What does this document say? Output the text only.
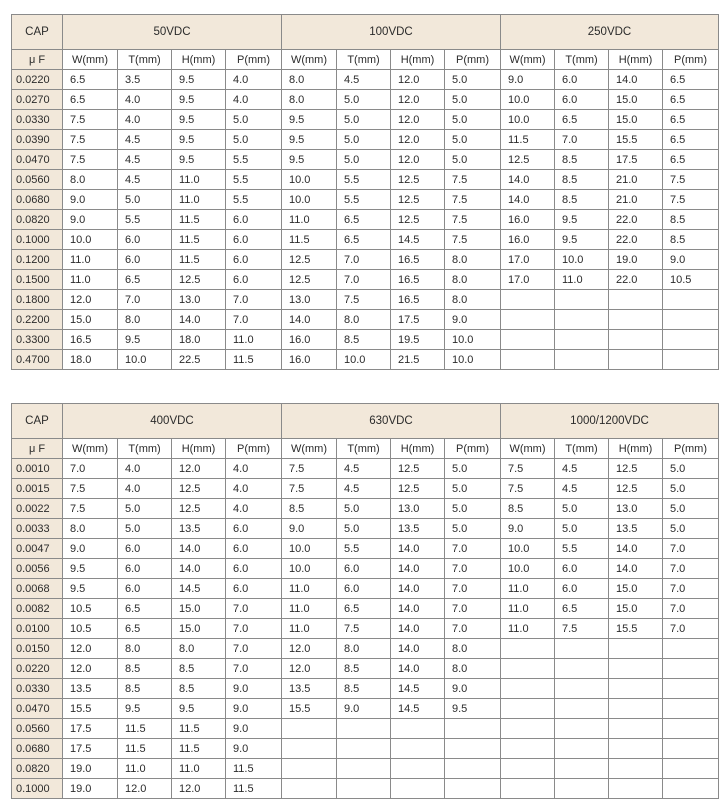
CAP	50VDC				100VDC				250VDC			
μ F	W(mm)	T(mm)	H(mm)	P(mm)	W(mm)	T(mm)	H(mm)	P(mm)	W(mm)	T(mm)	H(mm)	P(mm)
0.0220	6.5	3.5	9.5	4.0	8.0	4.5	12.0	5.0	9.0	6.0	14.0	6.5
0.0270	6.5	4.0	9.5	4.0	8.0	5.0	12.0	5.0	10.0	6.0	15.0	6.5
0.0330	7.5	4.0	9.5	5.0	9.5	5.0	12.0	5.0	10.0	6.5	15.0	6.5
0.0390	7.5	4.5	9.5	5.0	9.5	5.0	12.0	5.0	11.5	7.0	15.5	6.5
0.0470	7.5	4.5	9.5	5.5	9.5	5.0	12.0	5.0	12.5	8.5	17.5	6.5
0.0560	8.0	4.5	11.0	5.5	10.0	5.5	12.5	7.5	14.0	8.5	21.0	7.5
0.0680	9.0	5.0	11.0	5.5	10.0	5.5	12.5	7.5	14.0	8.5	21.0	7.5
0.0820	9.0	5.5	11.5	6.0	11.0	6.5	12.5	7.5	16.0	9.5	22.0	8.5
0.1000	10.0	6.0	11.5	6.0	11.5	6.5	14.5	7.5	16.0	9.5	22.0	8.5
0.1200	11.0	6.0	11.5	6.0	12.5	7.0	16.5	8.0	17.0	10.0	19.0	9.0
0.1500	11.0	6.5	12.5	6.0	12.5	7.0	16.5	8.0	17.0	11.0	22.0	10.5
0.1800	12.0	7.0	13.0	7.0	13.0	7.5	16.5	8.0				
0.2200	15.0	8.0	14.0	7.0	14.0	8.0	17.5	9.0				
0.3300	16.5	9.5	18.0	11.0	16.0	8.5	19.5	10.0				
0.4700	18.0	10.0	22.5	11.5	16.0	10.0	21.5	10.0				
CAP	400VDC				630VDC				1000/1200VDC			
μ F	W(mm)	T(mm)	H(mm)	P(mm)	W(mm)	T(mm)	H(mm)	P(mm)	W(mm)	T(mm)	H(mm)	P(mm)
0.0010	7.0	4.0	12.0	4.0	7.5	4.5	12.5	5.0	7.5	4.5	12.5	5.0
0.0015	7.5	4.0	12.5	4.0	7.5	4.5	12.5	5.0	7.5	4.5	12.5	5.0
0.0022	7.5	5.0	12.5	4.0	8.5	5.0	13.0	5.0	8.5	5.0	13.0	5.0
0.0033	8.0	5.0	13.5	6.0	9.0	5.0	13.5	5.0	9.0	5.0	13.5	5.0
0.0047	9.0	6.0	14.0	6.0	10.0	5.5	14.0	7.0	10.0	5.5	14.0	7.0
0.0056	9.5	6.0	14.0	6.0	10.0	6.0	14.0	7.0	10.0	6.0	14.0	7.0
0.0068	9.5	6.0	14.5	6.0	11.0	6.0	14.0	7.0	11.0	6.0	15.0	7.0
0.0082	10.5	6.5	15.0	7.0	11.0	6.5	14.0	7.0	11.0	6.5	15.0	7.0
0.0100	10.5	6.5	15.0	7.0	11.0	7.5	14.0	7.0	11.0	7.5	15.5	7.0
0.0150	12.0	8.0	8.0	7.0	12.0	8.0	14.0	8.0				
0.0220	12.0	8.5	8.5	7.0	12.0	8.5	14.0	8.0				
0.0330	13.5	8.5	8.5	9.0	13.5	8.5	14.5	9.0				
0.0470	15.5	9.5	9.5	9.0	15.5	9.0	14.5	9.5				
0.0560	17.5	11.5	11.5	9.0								
0.0680	17.5	11.5	11.5	9.0								
0.0820	19.0	11.0	11.0	11.5								
0.1000	19.0	12.0	12.0	11.5								
